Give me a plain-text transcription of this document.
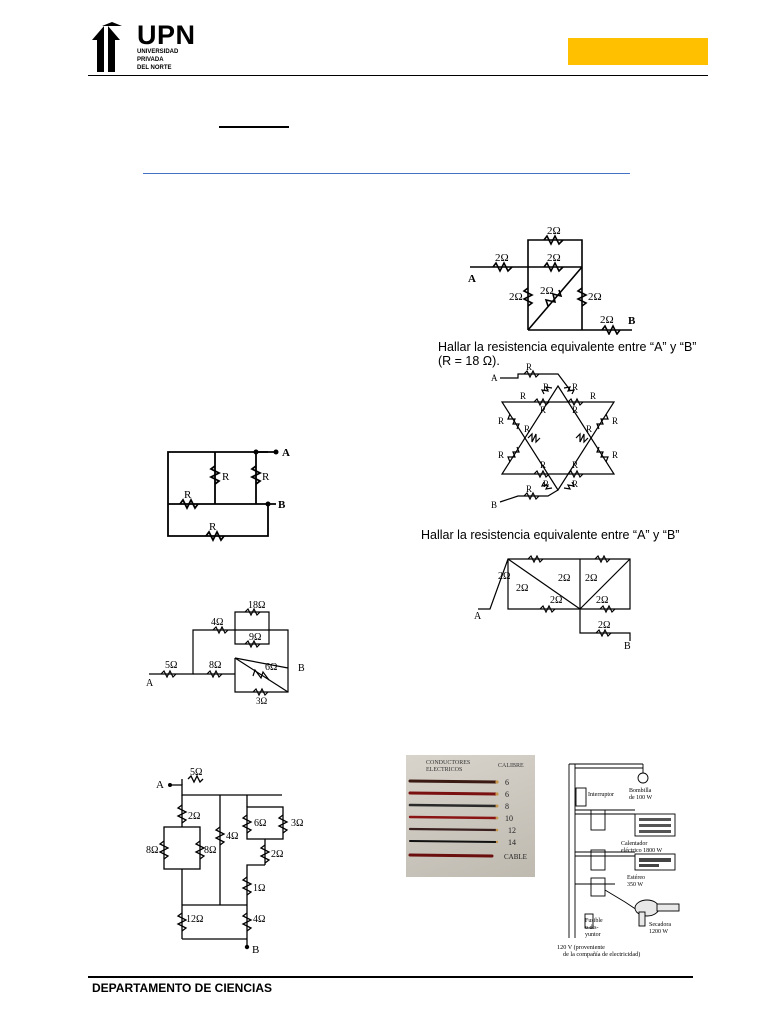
UPN
UNIVERSIDAD
PRIVADA
DEL NORTE
2Ω
2Ω	2Ω
2Ω 2Ω	2Ω
2Ω
A
B
Hallar la resistencia equivalente entre “A” y “B” (R = 18 Ω).	R
R	R
R	R
R	R
R	R
R	R
R	R
R	R
R	R
R
A
B
Hallar la resistencia equivalente entre “A” y “B”
2Ω
2Ω
2Ω 2Ω
2Ω	2Ω
2Ω
A
B
R	R
R
R
A
B
18Ω
4Ω
9Ω
5Ω	8Ω	6Ω
3Ω
A
B
5Ω
2Ω
8Ω	8Ω
4Ω
6Ω 3Ω
2Ω
1Ω
12Ω	4Ω
A
B
CONDUCTORES
ELECTRICOS
CALIBRE
6
6
8
10
12
14
CABLE
Interruptor
Bombilla
de 100 W
Calentador
eléctrico 1800 W
Estéreo
350 W
Fusible
o dis-
yuntor
Secadora
1200 W
120 V (proveniente
de la compañía de electricidad)
DEPARTAMENTO DE CIENCIAS
